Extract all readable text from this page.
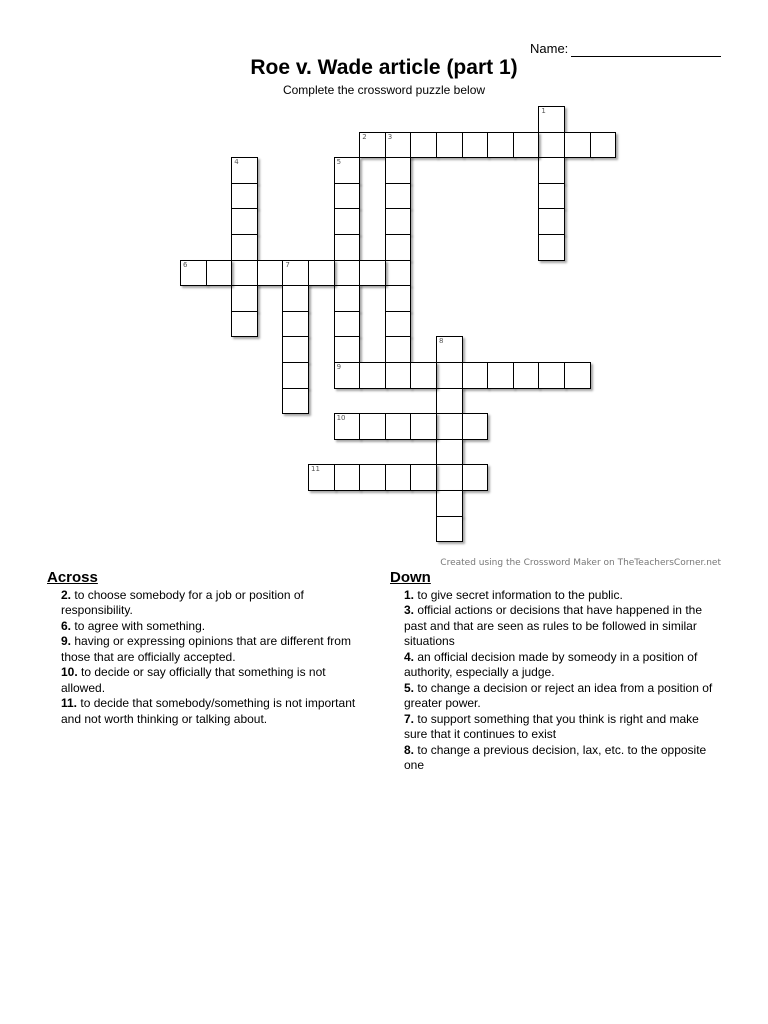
Name:
Roe v. Wade article (part 1)
Complete the crossword puzzle below
1
2	3
4	5
9
6	7
8
10
11
Created using the Crossword Maker on TheTeachersCorner.net
Across
2. to choose somebody for a job or position of responsibility.
6. to agree with something.
9. having or expressing opinions that are different from those that are officially accepted.
10. to decide or say officially that something is not allowed.
11. to decide that somebody/something is not important and not worth thinking or talking about.
Down
1. to give secret information to the public.
3. official actions or decisions that have happened in the past and that are seen as rules to be followed in similar situations
4. an official decision made by someody in a position of authority, especially a judge.
5. to change a decision or reject an idea from a position of greater power.
7. to support something that you think is right and make sure that it continues to exist
8. to change a previous decision, lax, etc. to the opposite one
